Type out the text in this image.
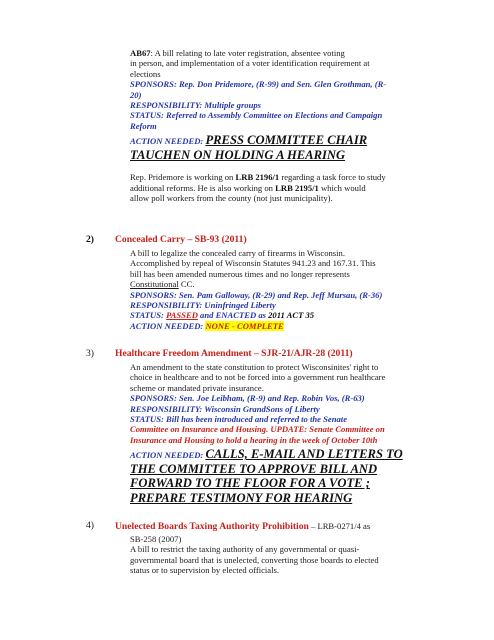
AB67: A bill relating to late voter registration, absentee voting
in person, and implementation of a voter identification requirement at
elections
SPONSORS: Rep. Don Pridemore, (R-99) and Sen. Glen Grothman, (R-
20)
RESPONSIBILITY: Multiple groups
STATUS: Referred to Assembly Committee on Elections and Campaign
Reform
ACTION NEEDED: PRESS COMMITTEE CHAIR
TAUCHEN ON HOLDING A HEARING
Rep. Pridemore is working on LRB 2196/1 regarding a task force to study
additional reforms. He is also working on LRB 2195/1 which would
allow poll workers from the county (not just municipality).
2) Concealed Carry – SB-93 (2011)
A bill to legalize the concealed carry of firearms in Wisconsin.
Accomplished by repeal of Wisconsin Statutes 941.23 and 167.31. This
bill has been amended numerous times and no longer represents
Constitutional CC.
SPONSORS: Sen. Pam Galloway, (R-29) and Rep. Jeff Mursau, (R-36)
RESPONSIBILITY: Uninfringed Liberty
STATUS: PASSED and ENACTED as 2011 ACT 35
ACTION NEEDED: NONE - COMPLETE
3) Healthcare Freedom Amendment – SJR-21/AJR-28 (2011)
An amendment to the state constitution to protect Wisconsinites' right to
choice in healthcare and to not be forced into a government run healthcare
scheme or mandated private insurance.
SPONSORS: Sen. Joe Leibham, (R-9) and Rep. Robin Vos, (R-63)
RESPONSIBILITY: Wisconsin GrandSons of Liberty
STATUS: Bill has been introduced and referred to the Senate
Committee on Insurance and Housing. UPDATE: Senate Committee on
Insurance and Housing to hold a hearing in the week of October 10th
ACTION NEEDED: CALLS, E-MAIL AND LETTERS TO
THE COMMITTEE TO APPROVE BILL AND
FORWARD TO THE FLOOR FOR A VOTE ;
PREPARE TESTIMONY FOR HEARING
4) Unelected Boards Taxing Authority Prohibition – LRB-0271/4 as
SB-258 (2007)
A bill to restrict the taxing authority of any governmental or quasi-
governmental board that is unelected, converting those boards to elected
status or to supervision by elected officials.
